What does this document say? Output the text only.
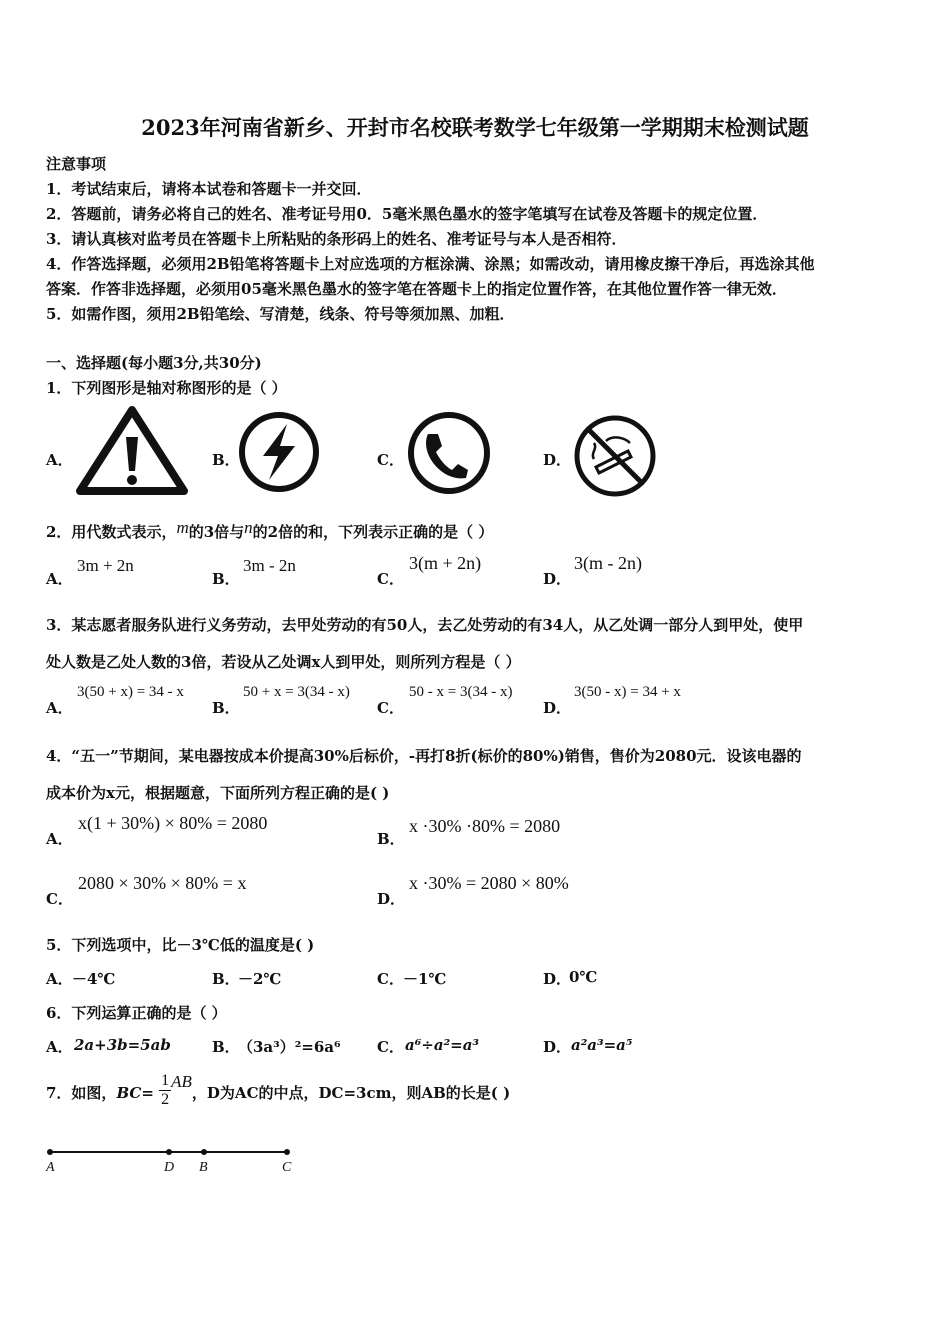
2023年河南省新乡、开封市名校联考数学七年级第一学期期末检测试题
注意事项
1．考试结束后，请将本试卷和答题卡一并交回．
2．答题前，请务必将自己的姓名、准考证号用0．5毫米黑色墨水的签字笔填写在试卷及答题卡的规定位置．
3．请认真核对监考员在答题卡上所粘贴的条形码上的姓名、准考证号与本人是否相符．
4．作答选择题，必须用2B铅笔将答题卡上对应选项的方框涂满、涂黑；如需改动，请用橡皮擦干净后，再选涂其他
答案．作答非选择题，必须用05毫米黑色墨水的签字笔在答题卡上的指定位置作答，在其他位置作答一律无效．
5．如需作图，须用2B铅笔绘、写清楚，线条、符号等须加黑、加粗．
一、选择题(每小题3分,共30分)
1．下列图形是轴对称图形的是（ ）
A．	B．	C．	D．
2．用代数式表示，m的3倍与n的2倍的和，下列表示正确的是（ ）
A．
3m + 2n
B．
3m - 2n
C．
3(m + 2n)
D．
3(m - 2n)
3．某志愿者服务队进行义务劳动，去甲处劳动的有50人，去乙处劳动的有34人，从乙处调一部分人到甲处，使甲
处人数是乙处人数的3倍，若设从乙处调x人到甲处，则所列方程是（ ）
A．
3(50 + x) = 34 - x
B．
50 + x = 3(34 - x)
C．
50 - x = 3(34 - x)
D．
3(50 - x) = 34 + x
4．“五一”节期间，某电器按成本价提高30%后标价，-再打8折(标价的80%)销售，售价为2080元．设该电器的
成本价为x元，根据题意，下面所列方程正确的是( )
A．
x(1 + 30%) × 80% = 2080
B．
x ·30% ·80% = 2080
C．
2080 × 30% × 80% = x
D．
x ·30% = 2080 × 80%
5．下列选项中，比－3℃低的温度是( )
A． －4℃	B．
－2℃	C． －1℃	D．
0℃
6．下列运算正确的是（ ）
A． 2a+3b=5ab	B．
（3a³）²=6a⁶ C． a⁶÷a²=a³	D． a²a³=a⁵
7．如图，$BC= \frac{1}{2}$ AB，D为AC的中点，DC=3cm，则AB的长是( )
A	D B	C
